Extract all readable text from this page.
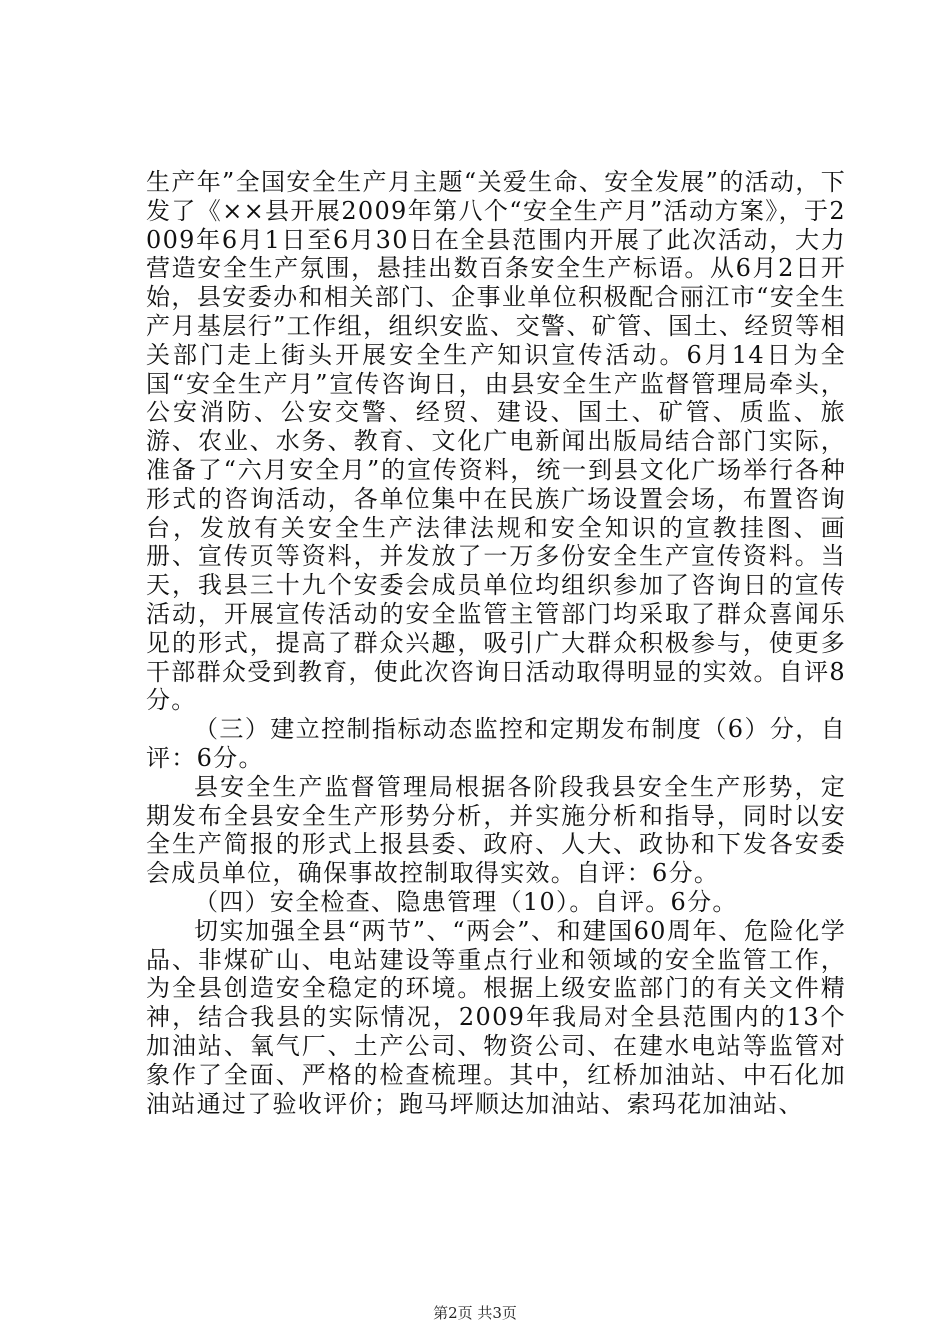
生产年”全国安全生产月主题“关爱生命、安全发展”的活动，下发了《××县开展2009年第八个“安全生产月”活动方案》，于2009年6月1日至6月30日在全县范围内开展了此次活动，大力营造安全生产氛围，悬挂出数百条安全生产标语。从6月2日开始，县安委办和相关部门、企事业单位积极配合丽江市“安全生产月基层行”工作组，组织安监、交警、矿管、国土、经贸等相关部门走上街头开展安全生产知识宣传活动。6月14日为全国“安全生产月”宣传咨询日，由县安全生产监督管理局牵头，公安消防、公安交警、经贸、建设、国土、矿管、质监、旅游、农业、水务、教育、文化广电新闻出版局结合部门实际，准备了“六月安全月”的宣传资料，统一到县文化广场举行各种形式的咨询活动，各单位集中在民族广场设置会场，布置咨询台，发放有关安全生产法律法规和安全知识的宣教挂图、画册、宣传页等资料，并发放了一万多份安全生产宣传资料。当天，我县三十九个安委会成员单位均组织参加了咨询日的宣传活动，开展宣传活动的安全监管主管部门均采取了群众喜闻乐见的形式，提高了群众兴趣，吸引广大群众积极参与，使更多干部群众受到教育，使此次咨询日活动取得明显的实效。自评8分。

（三）建立控制指标动态监控和定期发布制度（6）分，自评：6分。

县安全生产监督管理局根据各阶段我县安全生产形势，定期发布全县安全生产形势分析，并实施分析和指导，同时以安全生产简报的形式上报县委、政府、人大、政协和下发各安委会成员单位，确保事故控制取得实效。自评：6分。

（四）安全检查、隐患管理（10）。自评。6分。

切实加强全县“两节”、“两会”、和建国60周年、危险化学品、非煤矿山、电站建设等重点行业和领域的安全监管工作，为全县创造安全稳定的环境。根据上级安监部门的有关文件精神，结合我县的实际情况，2009年我局对全县范围内的13个加油站、氧气厂、土产公司、物资公司、在建水电站等监管对象作了全面、严格的检查梳理。其中，红桥加油站、中石化加油站通过了验收评价；跑马坪顺达加油站、索玛花加油站、

第2页 共3页
